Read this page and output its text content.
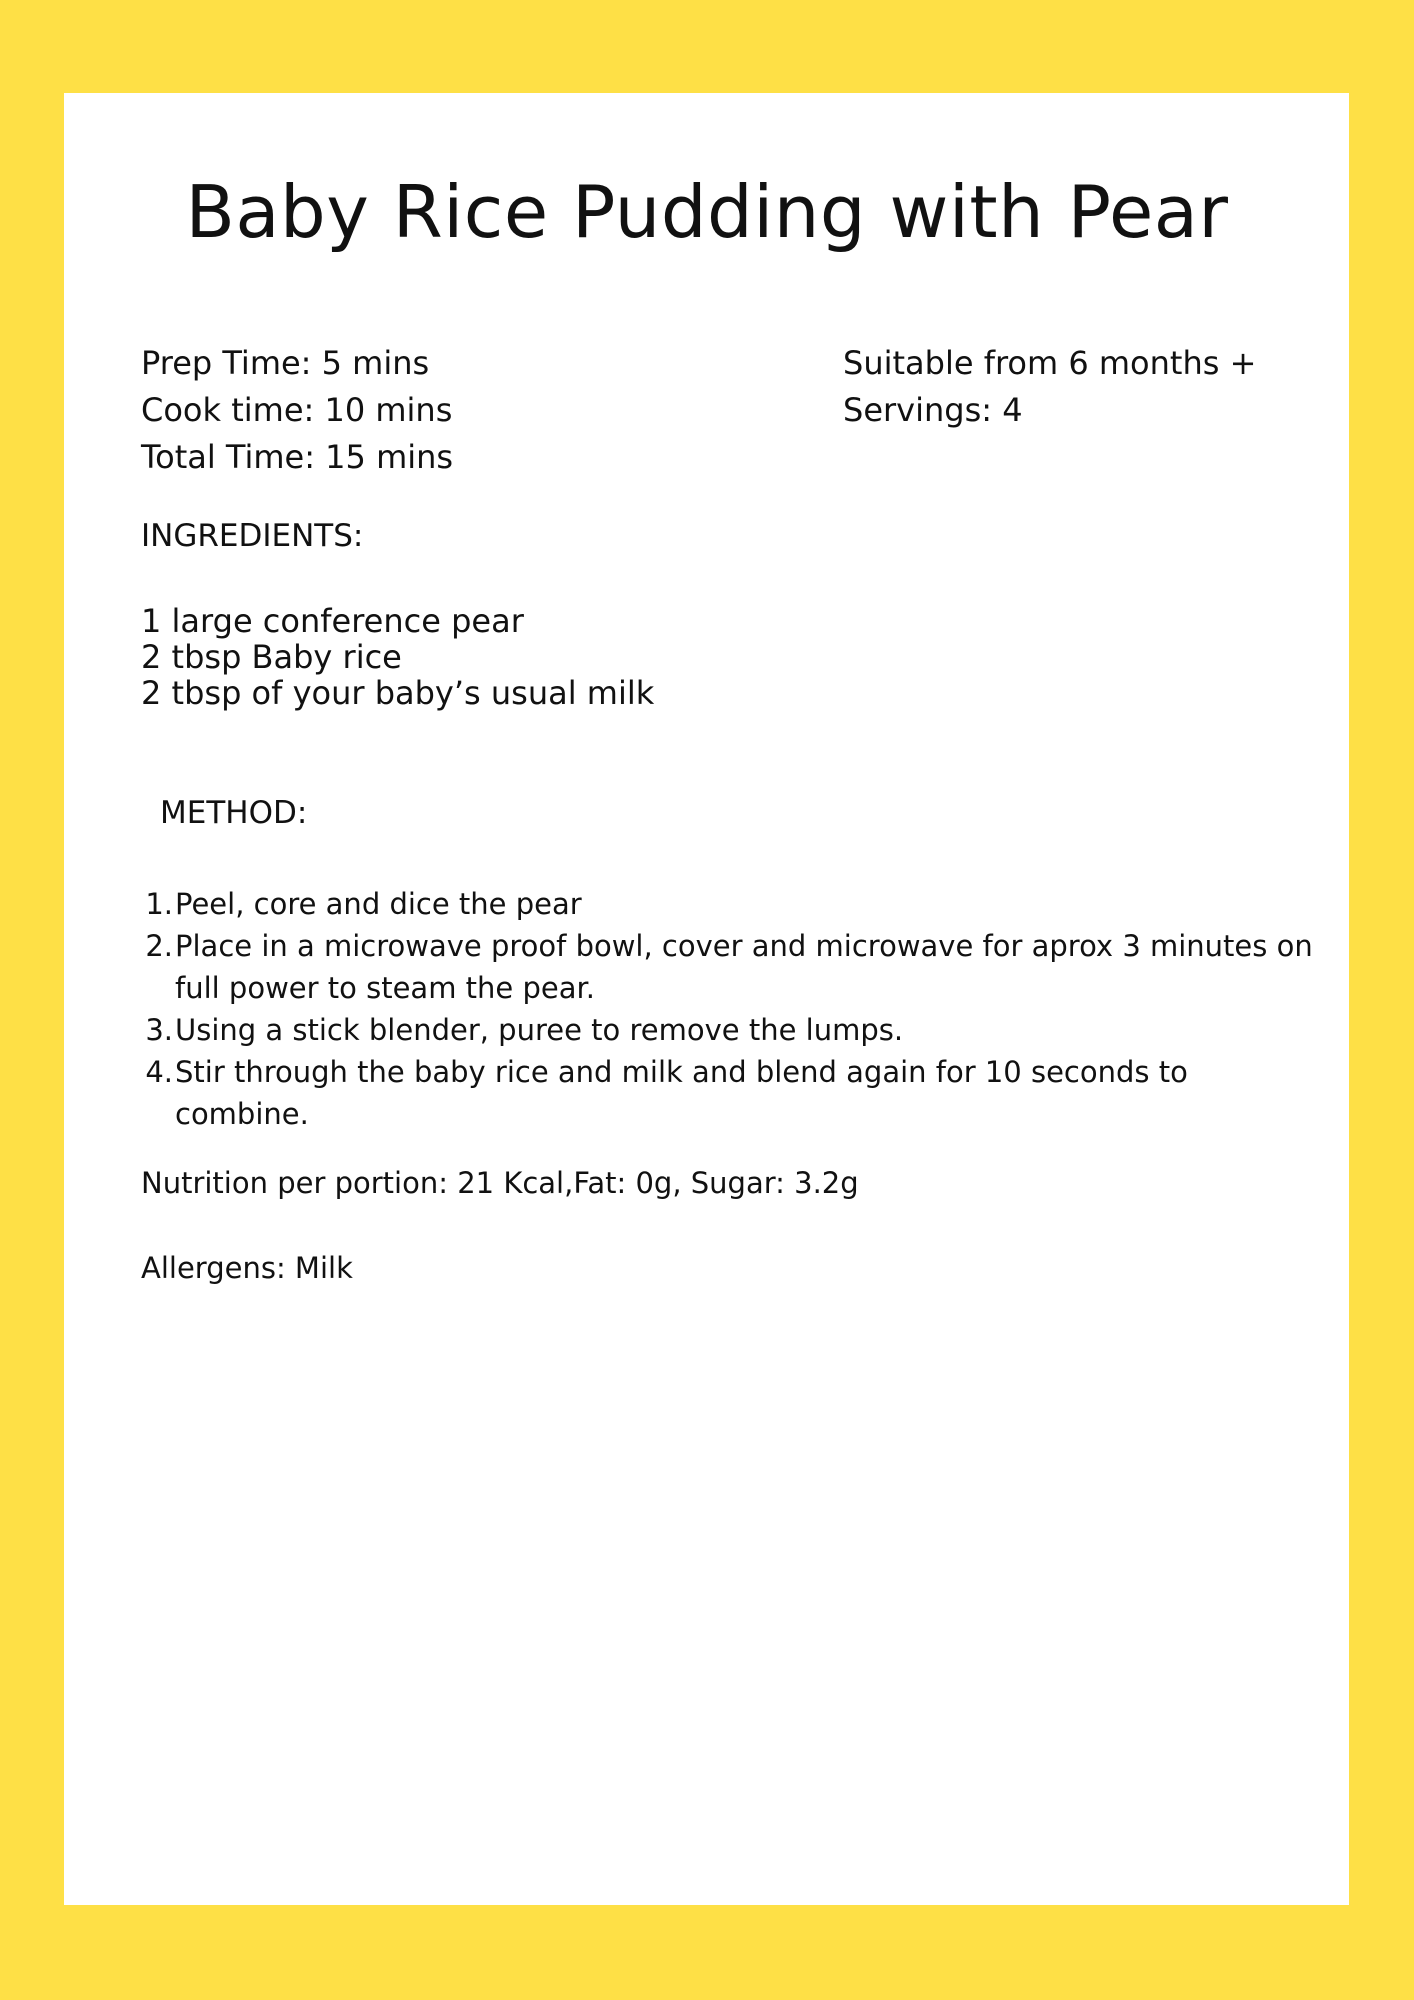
Baby Rice Pudding with Pear
Prep Time: 5 mins
Cook time: 10 mins
Total Time: 15 mins
Suitable from 6 months +
Servings: 4
INGREDIENTS:
1 large conference pear
2 tbsp Baby rice
2 tbsp of your baby’s usual milk
METHOD:
1. Peel, core and dice the pear
2. Place in a microwave proof bowl, cover and microwave for aprox 3 minutes on full power to steam the pear.
3. Using a stick blender, puree to remove the lumps.
4. Stir through the baby rice and milk and blend again for 10 seconds to combine.
Nutrition per portion: 21 Kcal,Fat: 0g, Sugar: 3.2g
Allergens: Milk
